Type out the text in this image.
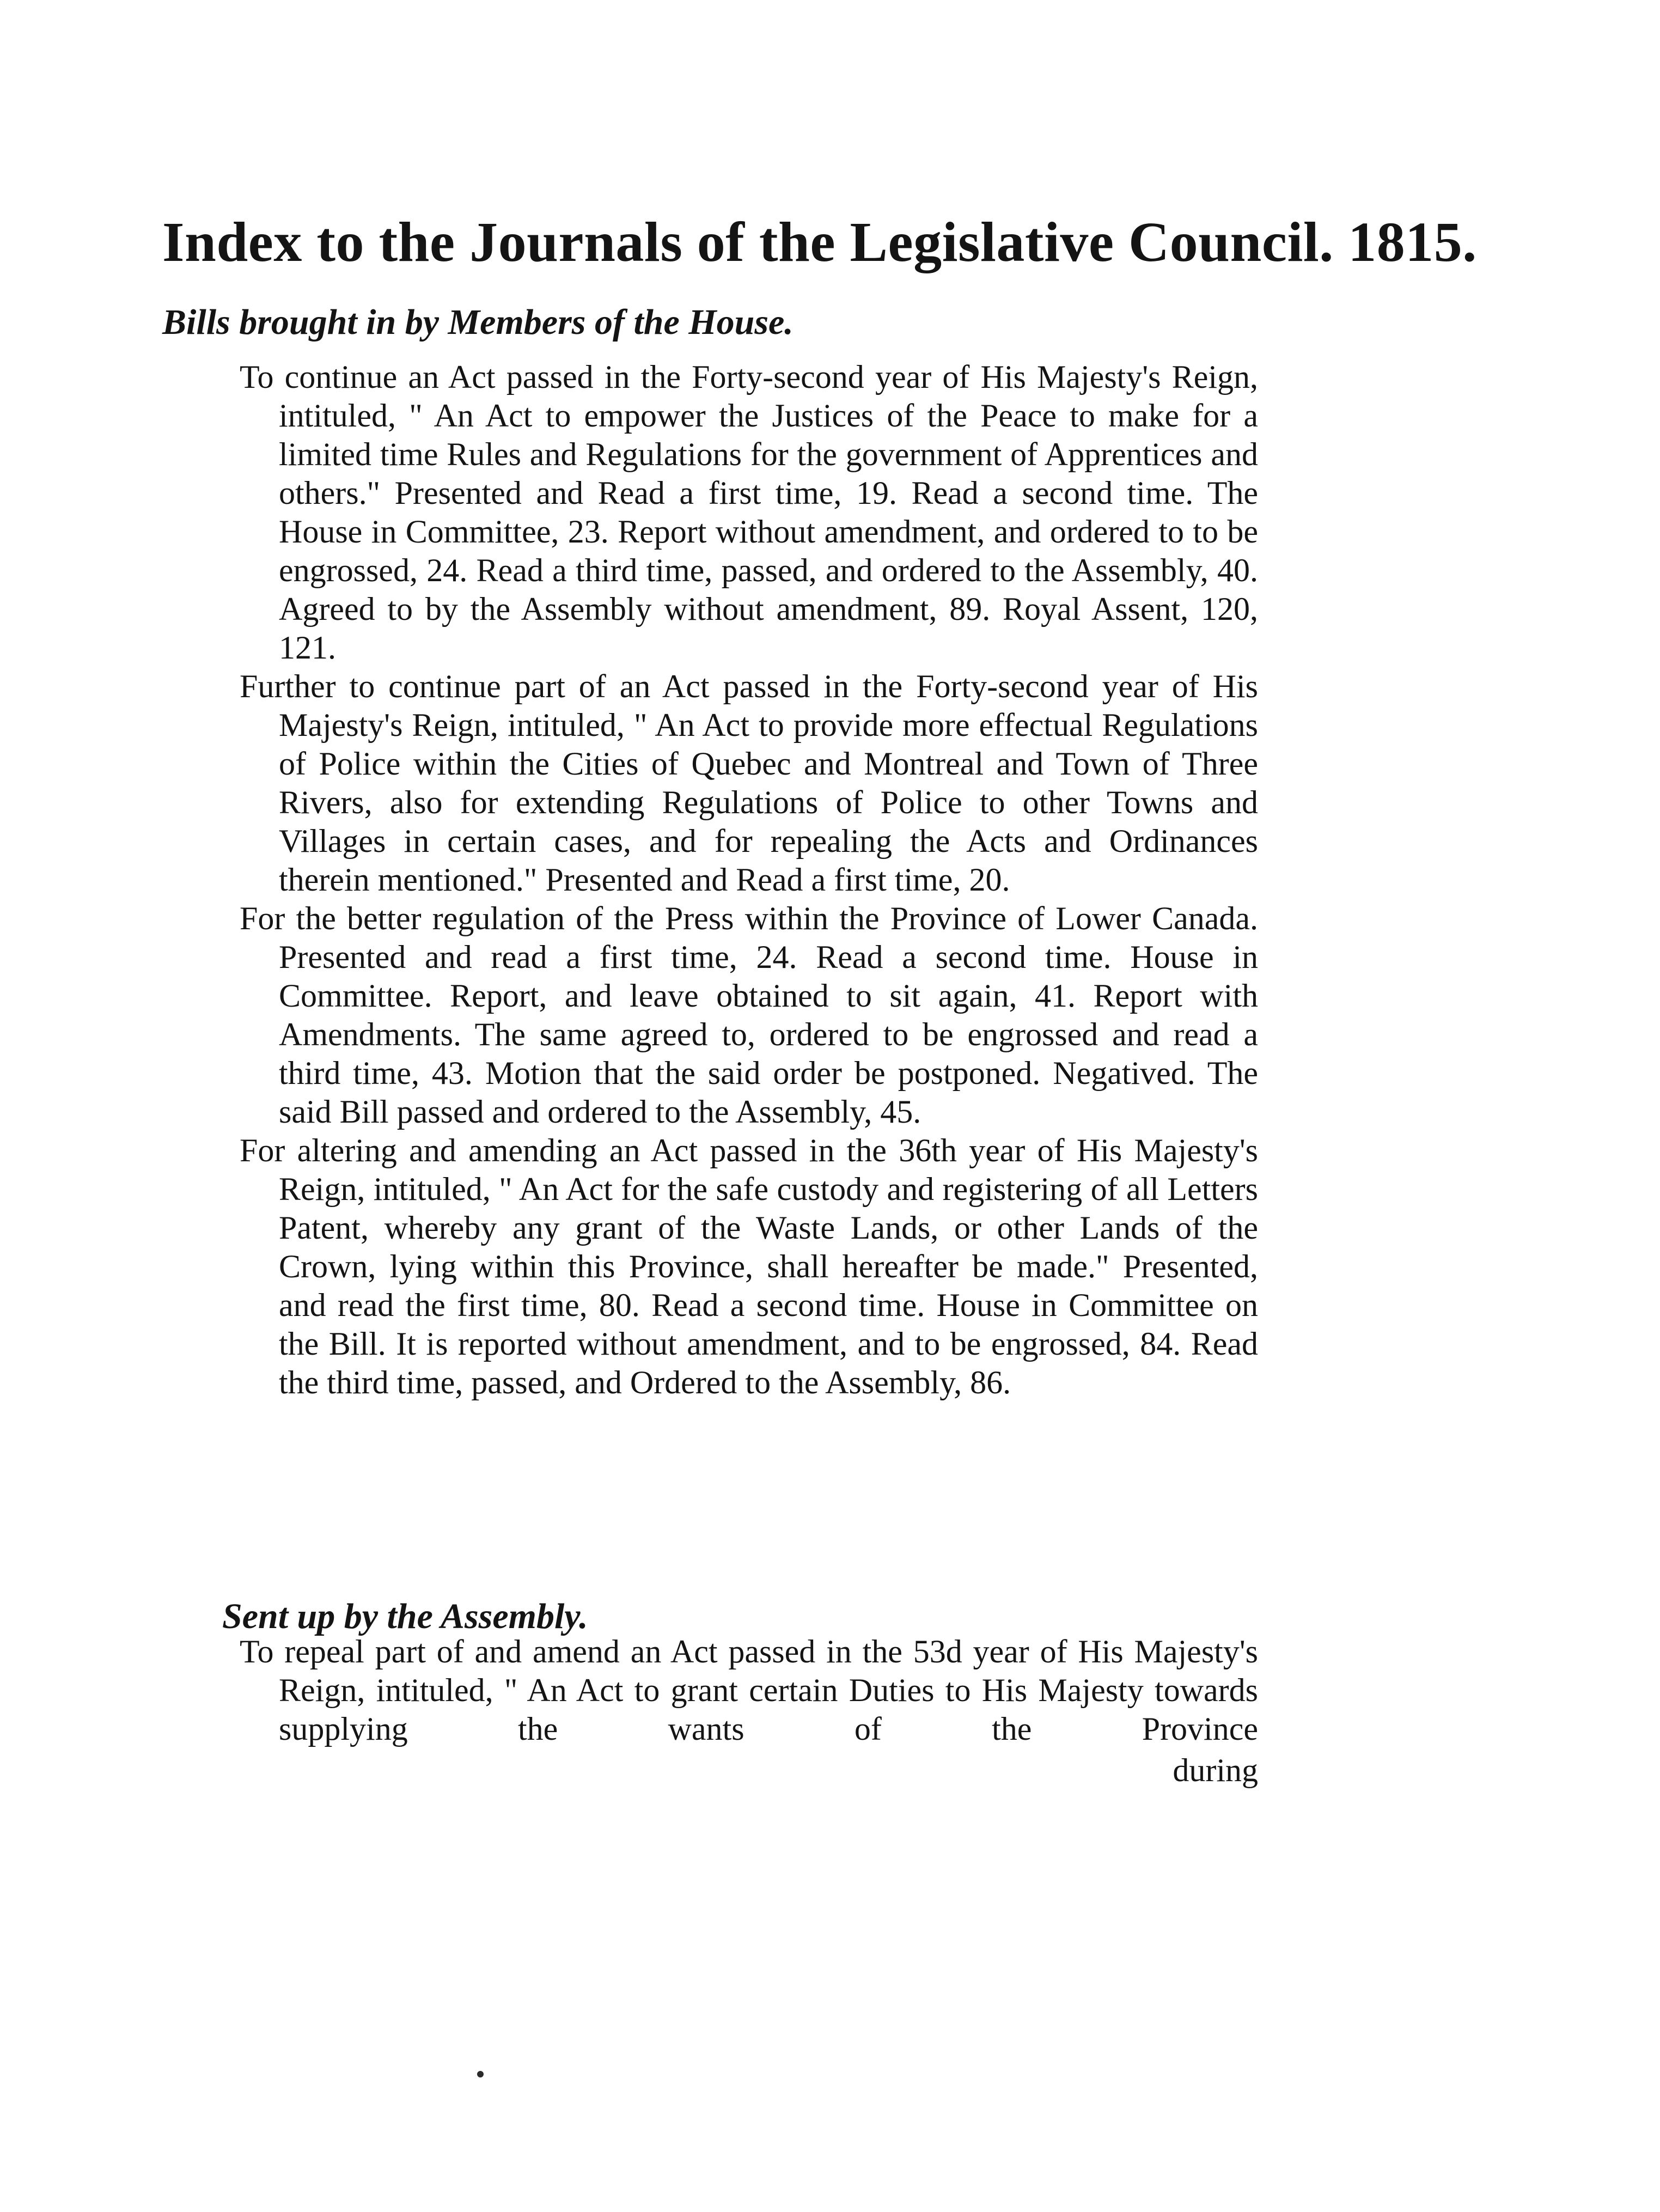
Index to the Journals of the Legislative Council. 1815.
Bills brought in by Members of the House.
To continue an Act passed in the Forty-second year of His Majesty's Reign, intituled, " An Act to empower the Justices of the Peace to make for a limited time Rules and Regulations for the government of Apprentices and others." Presented and Read a first time, 19. Read a second time. The House in Committee, 23. Report without amendment, and ordered to to be engrossed, 24. Read a third time, passed, and ordered to the Assembly, 40. Agreed to by the Assembly without amendment, 89. Royal Assent, 120, 121.
Further to continue part of an Act passed in the Forty-second year of His Majesty's Reign, intituled, " An Act to provide more effectual Regulations of Police within the Cities of Quebec and Montreal and Town of Three Rivers, also for extending Regulations of Police to other Towns and Villages in certain cases, and for repealing the Acts and Ordinances therein mentioned." Presented and Read a first time, 20.
For the better regulation of the Press within the Province of Lower Canada. Presented and read a first time, 24. Read a second time. House in Committee. Report, and leave obtained to sit again, 41. Report with Amendments. The same agreed to, ordered to be engrossed and read a third time, 43. Motion that the said order be postponed. Negatived. The said Bill passed and ordered to the Assembly, 45.
For altering and amending an Act passed in the 36th year of His Majesty's Reign, intituled, " An Act for the safe custody and registering of all Letters Patent, whereby any grant of the Waste Lands, or other Lands of the Crown, lying within this Province, shall hereafter be made." Presented, and read the first time, 80. Read a second time. House in Committee on the Bill. It is reported without amendment, and to be engrossed, 84. Read the third time, passed, and Ordered to the Assembly, 86.
Sent up by the Assembly.
To repeal part of and amend an Act passed in the 53d year of His Majesty's Reign, intituled, " An Act to grant certain Duties to His Majesty towards supplying the wants of the Province

during
